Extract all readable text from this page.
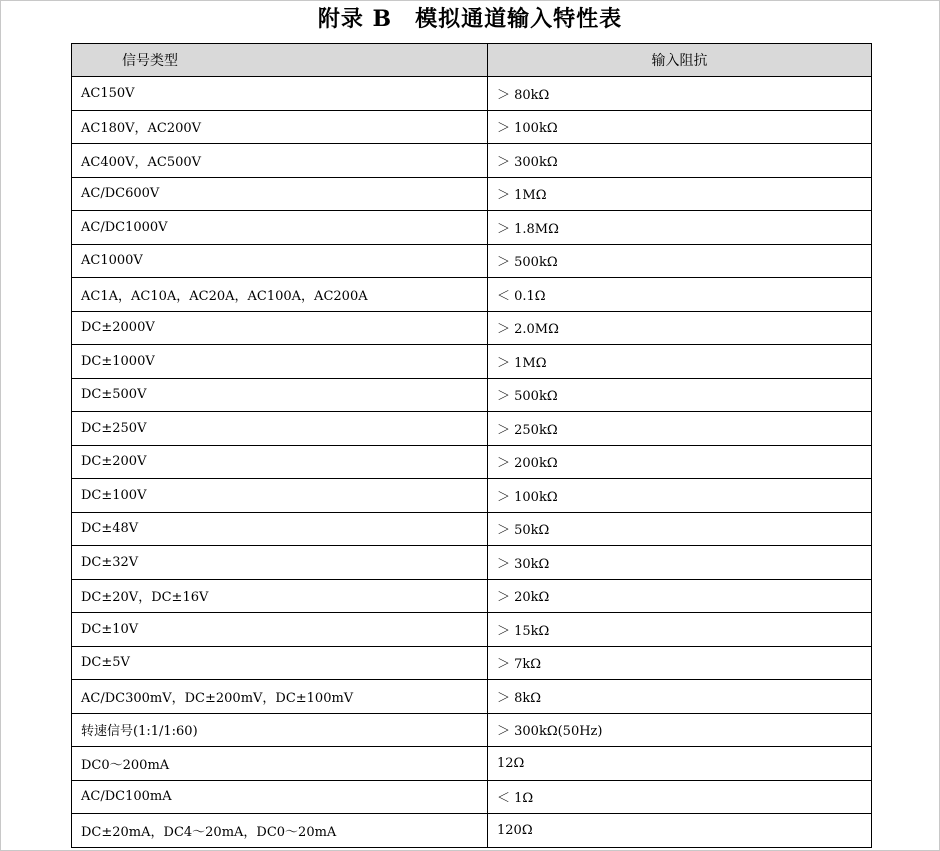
附录 B　模拟通道输入特性表
信号类型	输入阻抗
AC150V	＞ 80kΩ
AC180V，AC200V	＞ 100kΩ
AC400V，AC500V	＞ 300kΩ
AC/DC600V	＞ 1MΩ
AC/DC1000V	＞ 1.8MΩ
AC1000V	＞ 500kΩ
AC1A，AC10A，AC20A，AC100A，AC200A	＜ 0.1Ω
DC±2000V	＞ 2.0MΩ
DC±1000V	＞ 1MΩ
DC±500V	＞ 500kΩ
DC±250V	＞ 250kΩ
DC±200V	＞ 200kΩ
DC±100V	＞ 100kΩ
DC±48V	＞ 50kΩ
DC±32V	＞ 30kΩ
DC±20V，DC±16V	＞ 20kΩ
DC±10V	＞ 15kΩ
DC±5V	＞ 7kΩ
AC/DC300mV，DC±200mV，DC±100mV	＞ 8kΩ
转速信号(1:1/1:60)	＞ 300kΩ(50Hz)
DC0～200mA	12Ω
AC/DC100mA	＜ 1Ω
DC±20mA，DC4～20mA，DC0～20mA	120Ω
